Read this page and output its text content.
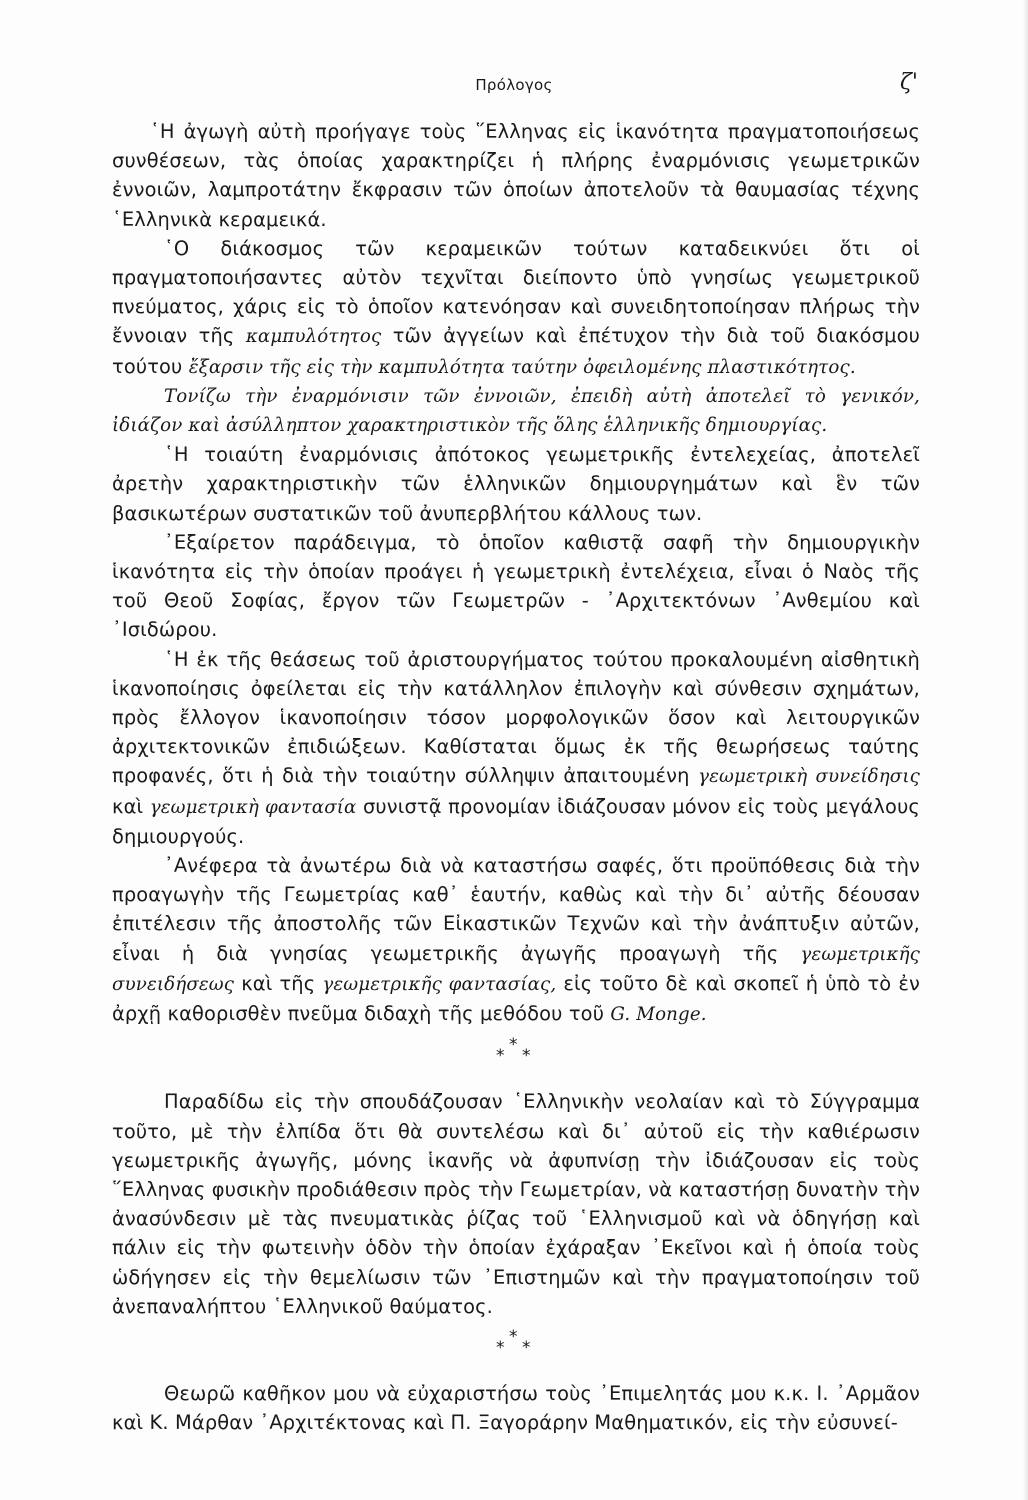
Πρόλογος	ζ'

῾Η ἀγωγὴ αὐτὴ προήγαγε τοὺς ῞Ελληνας εἰς ἱκανότητα πραγματοποιήσεως συνθέσεων, τὰς ὁποίας χαρακτηρίζει ἡ πλήρης ἐναρμόνισις γεωμετρικῶν ἐννοιῶν, λαμπροτάτην ἔκφρασιν τῶν ὁποίων ἀποτελοῦν τὰ θαυμασίας τέχνης ῾Ελληνικὰ κεραμεικά.

῾Ο διάκοσμος τῶν κεραμεικῶν τούτων καταδεικνύει ὅτι οἱ πραγματοποιήσαντες αὐτὸν τεχνῖται διείποντο ὑπὸ γνησίως γεωμετρικοῦ πνεύματος, χάρις εἰς τὸ ὁποῖον κατενόησαν καὶ συνειδητοποίησαν πλήρως τὴν ἔννοιαν τῆς καμπυλότητος τῶν ἀγγείων καὶ ἐπέτυχον τὴν διὰ τοῦ διακόσμου τούτου ἔξαρσιν τῆς εἰς τὴν καμπυλότητα ταύτην ὀφειλομένης πλαστικότητος.

Τονίζω τὴν ἐναρμόνισιν τῶν ἐννοιῶν, ἐπειδὴ αὐτὴ ἀποτελεῖ τὸ γενικόν, ἰδιάζον καὶ ἀσύλληπτον χαρακτηριστικὸν τῆς ὅλης ἑλληνικῆς δημιουργίας.

῾Η τοιαύτη ἐναρμόνισις ἀπότοκος γεωμετρικῆς ἐντελεχείας, ἀποτελεῖ ἀρετὴν χαρακτηριστικὴν τῶν ἑλληνικῶν δημιουργημάτων καὶ ἓν τῶν βασικωτέρων συστατικῶν τοῦ ἀνυπερβλήτου κάλλους των.

᾿Εξαίρετον παράδειγμα, τὸ ὁποῖον καθιστᾷ σαφῆ τὴν δημιουργικὴν ἱκανότητα εἰς τὴν ὁποίαν προάγει ἡ γεωμετρικὴ ἐντελέχεια, εἶναι ὁ Ναὸς τῆς τοῦ Θεοῦ Σοφίας, ἔργον τῶν Γεωμετρῶν - ᾿Αρχιτεκτόνων ᾿Ανθεμίου καὶ ᾿Ισιδώρου.

῾Η ἐκ τῆς θεάσεως τοῦ ἀριστουργήματος τούτου προκαλουμένη αἰσθητικὴ ἱκανοποίησις ὀφείλεται εἰς τὴν κατάλληλον ἐπιλογὴν καὶ σύνθεσιν σχημάτων, πρὸς ἔλλογον ἱκανοποίησιν τόσον μορφολογικῶν ὅσον καὶ λειτουργικῶν ἀρχιτεκτονικῶν ἐπιδιώξεων. Καθίσταται ὅμως ἐκ τῆς θεωρήσεως ταύτης προφανές, ὅτι ἡ διὰ τὴν τοιαύτην σύλληψιν ἀπαιτουμένη γεωμετρικὴ συνείδησις καὶ γεωμετρικὴ φαντασία συνιστᾷ προνομίαν ἰδιάζουσαν μόνον εἰς τοὺς μεγάλους δημιουργούς.

᾿Ανέφερα τὰ ἀνωτέρω διὰ νὰ καταστήσω σαφές, ὅτι προϋπόθεσις διὰ τὴν προαγωγὴν τῆς Γεωμετρίας καθ᾿ ἑαυτήν, καθὼς καὶ τὴν δι᾿ αὐτῆς δέουσαν ἐπιτέλεσιν τῆς ἀποστολῆς τῶν Εἰκαστικῶν Τεχνῶν καὶ τὴν ἀνάπτυξιν αὐτῶν, εἶναι ἡ διὰ γνησίας γεωμετρικῆς ἀγωγῆς προαγωγὴ τῆς γεωμετρικῆς συνειδήσεως καὶ τῆς γεωμετρικῆς φαντασίας, εἰς τοῦτο δὲ καὶ σκοπεῖ ἡ ὑπὸ τὸ ἐν ἀρχῇ καθορισθὲν πνεῦμα διδαχὴ τῆς μεθόδου τοῦ G. Monge.

*
* *

Παραδίδω εἰς τὴν σπουδάζουσαν ῾Ελληνικὴν νεολαίαν καὶ τὸ Σύγγραμμα τοῦτο, μὲ τὴν ἐλπίδα ὅτι θὰ συντελέσω καὶ δι᾿ αὐτοῦ εἰς τὴν καθιέρωσιν γεωμετρικῆς ἀγωγῆς, μόνης ἱκανῆς νὰ ἀφυπνίσῃ τὴν ἰδιάζουσαν εἰς τοὺς ῞Ελληνας φυσικὴν προδιάθεσιν πρὸς τὴν Γεωμετρίαν, νὰ καταστήσῃ δυνατὴν τὴν ἀνασύνδεσιν μὲ τὰς πνευματικὰς ῥίζας τοῦ ῾Ελληνισμοῦ καὶ νὰ ὁδηγήσῃ καὶ πάλιν εἰς τὴν φωτεινὴν ὁδὸν τὴν ὁποίαν ἐχάραξαν ᾿Εκεῖνοι καὶ ἡ ὁποία τοὺς ὡδήγησεν εἰς τὴν θεμελίωσιν τῶν ᾿Επιστημῶν καὶ τὴν πραγματοποίησιν τοῦ ἀνεπαναλήπτου ῾Ελληνικοῦ θαύματος.

*
* *

Θεωρῶ καθῆκον μου νὰ εὐχαριστήσω τοὺς ᾿Επιμελητάς μου κ.κ. Ι. ᾿Αρμᾶον καὶ Κ. Μάρθαν ᾿Αρχιτέκτονας καὶ Π. Ξαγοράρην Μαθηματικόν, εἰς τὴν εὐσυνεί-
